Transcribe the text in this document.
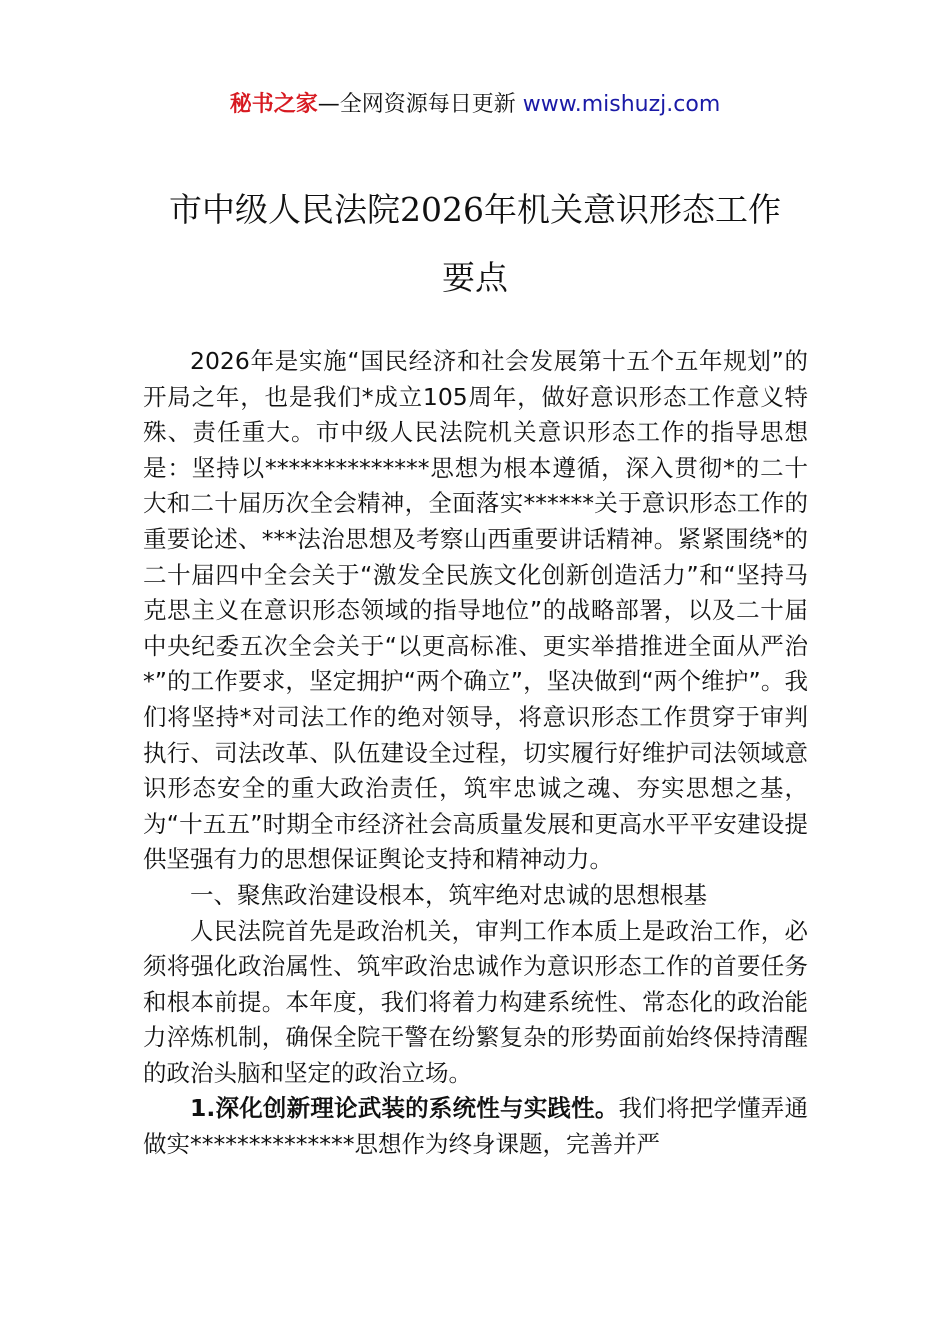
秘书之家—全网资源每日更新 www.mishuzj.com
市中级人民法院2026年机关意识形态工作
要点

2026年是实施“国民经济和社会发展第十五个五年规划”的开局之年，也是我们*成立105周年，做好意识形态工作意义特殊、责任重大。市中级人民法院机关意识形态工作的指导思想是：坚持以**************思想为根本遵循，深入贯彻*的二十大和二十届历次全会精神，全面落实******关于意识形态工作的重要论述、***法治思想及考察山西重要讲话精神。紧紧围绕*的二十届四中全会关于“激发全民族文化创新创造活力”和“坚持马克思主义在意识形态领域的指导地位”的战略部署，以及二十届中央纪委五次全会关于“以更高标准、更实举措推进全面从严治*”的工作要求，坚定拥护“两个确立”，坚决做到“两个维护”。我们将坚持*对司法工作的绝对领导，将意识形态工作贯穿于审判执行、司法改革、队伍建设全过程，切实履行好维护司法领域意识形态安全的重大政治责任，筑牢忠诚之魂、夯实思想之基，为“十五五”时期全市经济社会高质量发展和更高水平平安建设提供坚强有力的思想保证舆论支持和精神动力。

一、聚焦政治建设根本，筑牢绝对忠诚的思想根基

人民法院首先是政治机关，审判工作本质上是政治工作，必须将强化政治属性、筑牢政治忠诚作为意识形态工作的首要任务和根本前提。本年度，我们将着力构建系统性、常态化的政治能力淬炼机制，确保全院干警在纷繁复杂的形势面前始终保持清醒的政治头脑和坚定的政治立场。

1.深化创新理论武装的系统性与实践性。我们将把学懂弄通做实**************思想作为终身课题，完善并严
